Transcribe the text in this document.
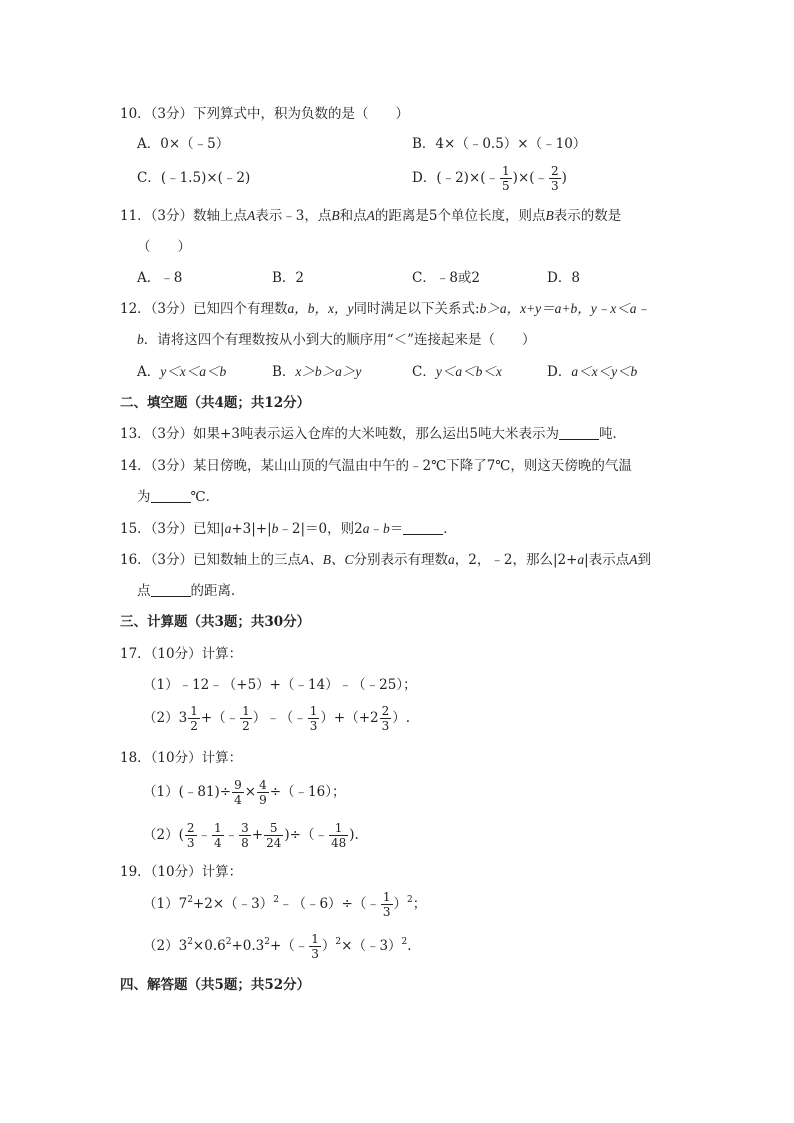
10．（3分）下列算式中，积为负数的是（　　）
A．0×（﹣5）	B．4×（﹣0.5）×（﹣10）
C．(﹣1.5)×(﹣2)	D．(﹣2)×(﹣ $\frac{1}{5}$ )×(﹣ $\frac{2}{3}$ )
11．（3分）数轴上点A表示﹣3，点B和点A的距离是5个单位长度，则点B表示的数是
（　　）
A．﹣8	B．2	C．﹣8或2	D．8
12．（3分）已知四个有理数a，b，x，y同时满足以下关系式:b＞a，x+y＝a+b，y﹣x＜a﹣
b．请将这四个有理数按从小到大的顺序用“＜”连接起来是（　　）
A．y＜x＜a＜b	B．x＞b＞a＞y	C．y＜a＜b＜x	D．a＜x＜y＜b
二、填空题（共4题；共12分）
13．（3分）如果+3吨表示运入仓库的大米吨数，那么运出5吨大米表示为	吨．
14．（3分）某日傍晚，某山山顶的气温由中午的﹣2℃下降了7℃，则这天傍晚的气温
为	℃．
15．（3分）已知|a+3|+|b﹣2|＝0，则2a﹣b＝	．
16．（3分）已知数轴上的三点A、B、C分别表示有理数a，2，﹣2，那么|2+a|表示点A到
点	的距离．
三、计算题（共3题；共30分）
17．（10分）计算：
（1）﹣12﹣（+5）+（﹣14）﹣（﹣25）；
$(2)3 \frac{1}{2}$ +（﹣ $\frac{1}{2}$ ）﹣（﹣ $\frac{1}{3} )+(+2 \frac{2}{3}$ ）.
18．（10分）计算：
（1）(﹣81)÷ $\frac{9}{4} \times \frac{4}{9}$ ÷（﹣16）；
$(2)( \frac{2}{3}$ ﹣ $\frac{1}{4}$ ﹣ $\frac{3}{8} + \frac{5}{24}$ )÷（﹣ $\frac{1}{48}$ ).
19．（10分）计算：
$(1)7^2+2\times(﹣3)^2﹣(﹣6)\div(﹣ \frac{1}{3} )^2$；
$(2)3^2\times 0.6^2+0.3^2+(﹣ \frac{1}{3}$ ）$^2$×（﹣3）$^2$.
四、解答题（共5题；共52分）
